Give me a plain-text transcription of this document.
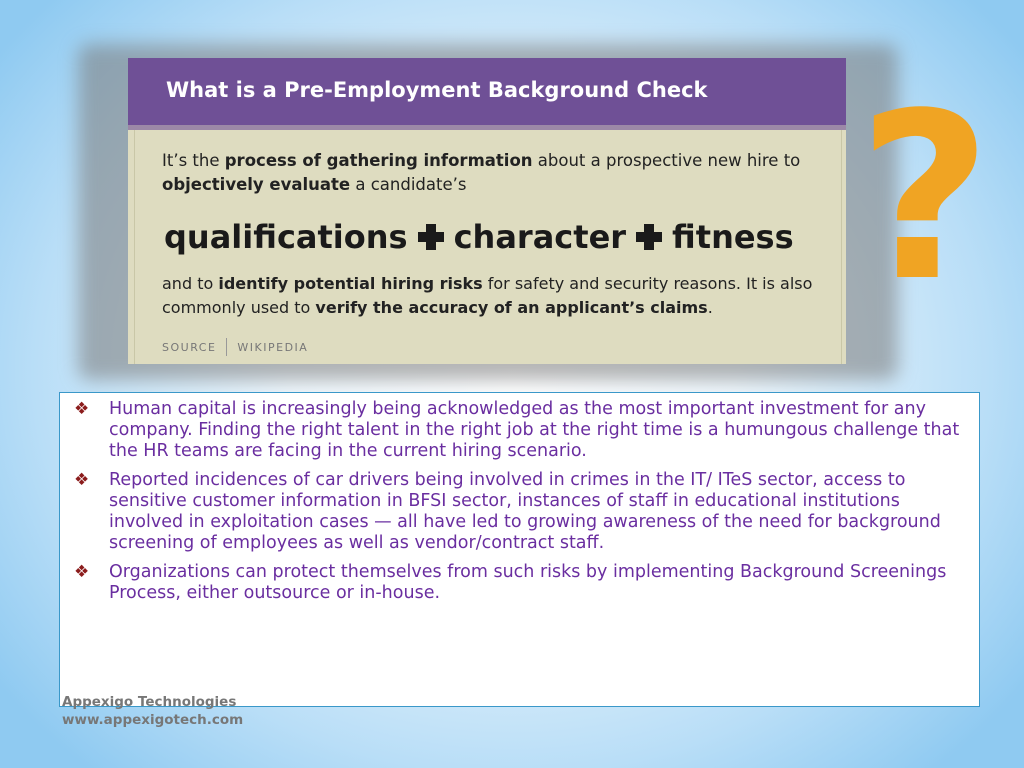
What is a Pre-Employment Background Check
It’s the process of gathering information about a prospective new hire to objectively evaluate a candidate’s
qualifications character fitness
and to identify potential hiring risks for safety and security reasons. It is also commonly used to verify the accuracy of an applicant’s claims.
SOURCE WIKIPEDIA
?
❖	Human capital is increasingly being acknowledged as the most important investment for any company. Finding the right talent in the right job at the right time is a humungous challenge that the HR teams are facing in the current hiring scenario.
❖	Reported incidences of car drivers being involved in crimes in the IT/ ITeS sector, access to sensitive customer information in BFSI sector, instances of staff in educational institutions involved in exploitation cases — all have led to growing awareness of the need for background screening of employees as well as vendor/contract staff.
❖	Organizations can protect themselves from such risks by implementing Background Screenings Process, either outsource or in-house.
Appexigo Technologies
www.appexigotech.com
